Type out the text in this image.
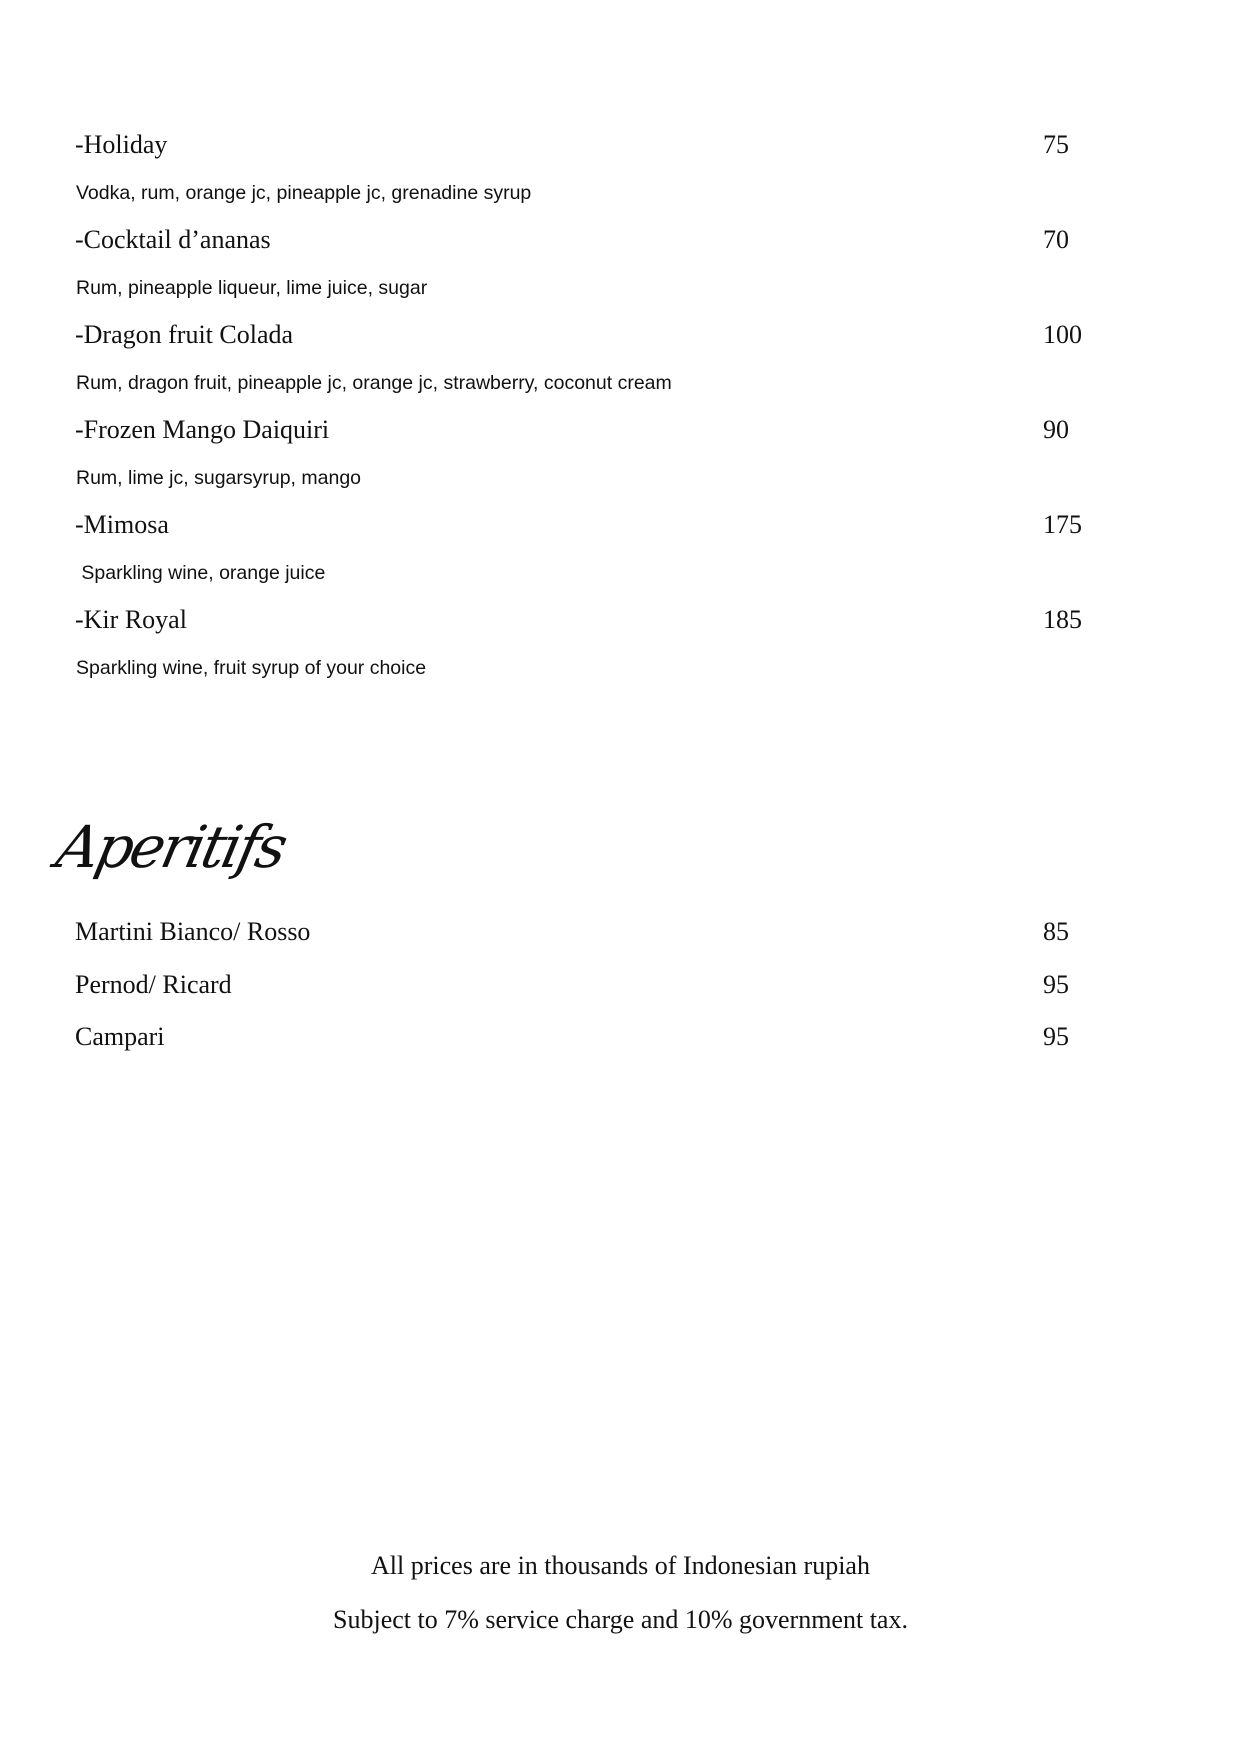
-Holiday	75
Vodka, rum, orange jc, pineapple jc, grenadine syrup
-Cocktail d’ananas	70
Rum, pineapple liqueur, lime juice, sugar
-Dragon fruit Colada	100
Rum, dragon fruit, pineapple jc, orange jc, strawberry, coconut cream
-Frozen Mango Daiquiri	90
Rum, lime jc, sugarsyrup, mango
-Mimosa	175
Sparkling wine, orange juice
-Kir Royal	185
Sparkling wine, fruit syrup of your choice
Aperitifs
Martini Bianco/ Rosso	85
Pernod/ Ricard	95
Campari	95
All prices are in thousands of Indonesian rupiah
Subject to 7% service charge and 10% government tax.
